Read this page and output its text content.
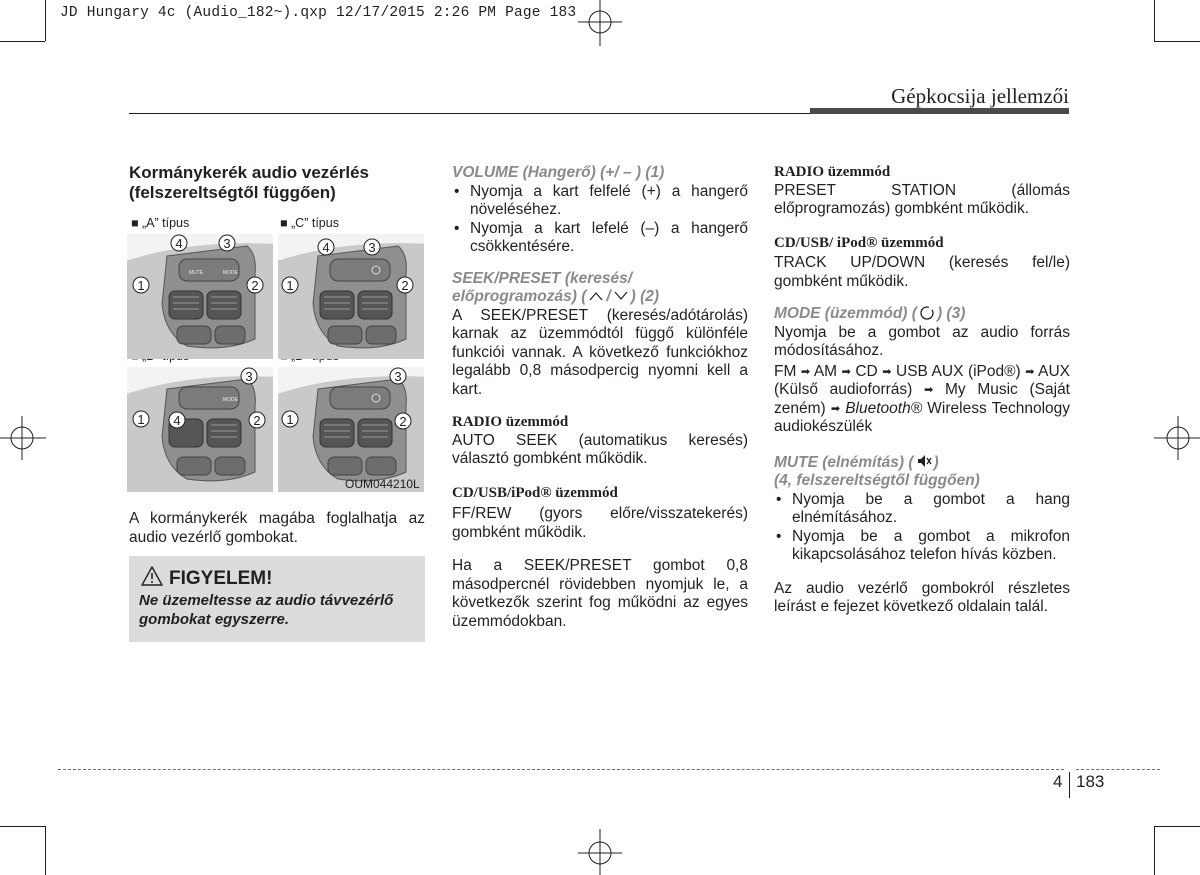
JD Hungary 4c (Audio_182~).qxp 12/17/2015 2:26 PM Page 183
Gépkocsija jellemzői

Kormánykerék audio vezérlés
(felszereltségtől függően)

■ „A” típus	■ „C” típus
MUTE	MODE
MODE
4	3
1	2
4	3
1	2
3
1 4	2
3
1	2
OUM044210L

A kormánykerék magába foglalhatja az audio vezérlő gombokat.

FIGYELEM!
Ne üzemeltesse az audio távvezérlő gombokat egyszerre.

VOLUME (Hangerő) (+/ – ) (1)

• Nyomja a kart felfelé (+) a hangerő növeléséhez.

• Nyomja a kart lefelé (–) a hangerő csökkentésére.

SEEK/PRESET (keresés/

előprogramozás) ( / ) (2)

A SEEK/PRESET (keresés/adótárolás) karnak az üzemmódtól függő különféle funkciói vannak. A következő funkciókhoz legalább 0,8 másodpercig nyomni kell a kart.

RADIO üzemmód

AUTO SEEK (automatikus keresés) választó gombként működik.

CD/USB/iPod® üzemmód

FF/REW (gyors előre/visszatekerés) gombként működik.

Ha a SEEK/PRESET gombot 0,8 másodpercnél rövidebben nyomjuk le, a következők szerint fog működni az egyes üzemmódokban.

RADIO üzemmód

PRESET STATION (állomás előprogramozás) gombként működik.

CD/USB/ iPod® üzemmód

TRACK UP/DOWN (keresés fel/le) gombként működik.

MODE (üzemmód) ( ) (3)

Nyomja be a gombot az audio forrás módosításához.

FM ➡ AM ➡ CD ➡ USB AUX (iPod®) ➡ AUX (Külső audioforrás) ➡ My Music (Saját zeném) ➡ Bluetooth® Wireless Technology audiokészülék

MUTE (elnémítás) ( )

(4, felszereltségtől függően)

• Nyomja be a gombot a hang elnémításához.

• Nyomja be a gombot a mikrofon kikapcsolásához telefon hívás közben.

Az audio vezérlő gombokról részletes leírást e fejezet következő oldalain talál.

4 183
